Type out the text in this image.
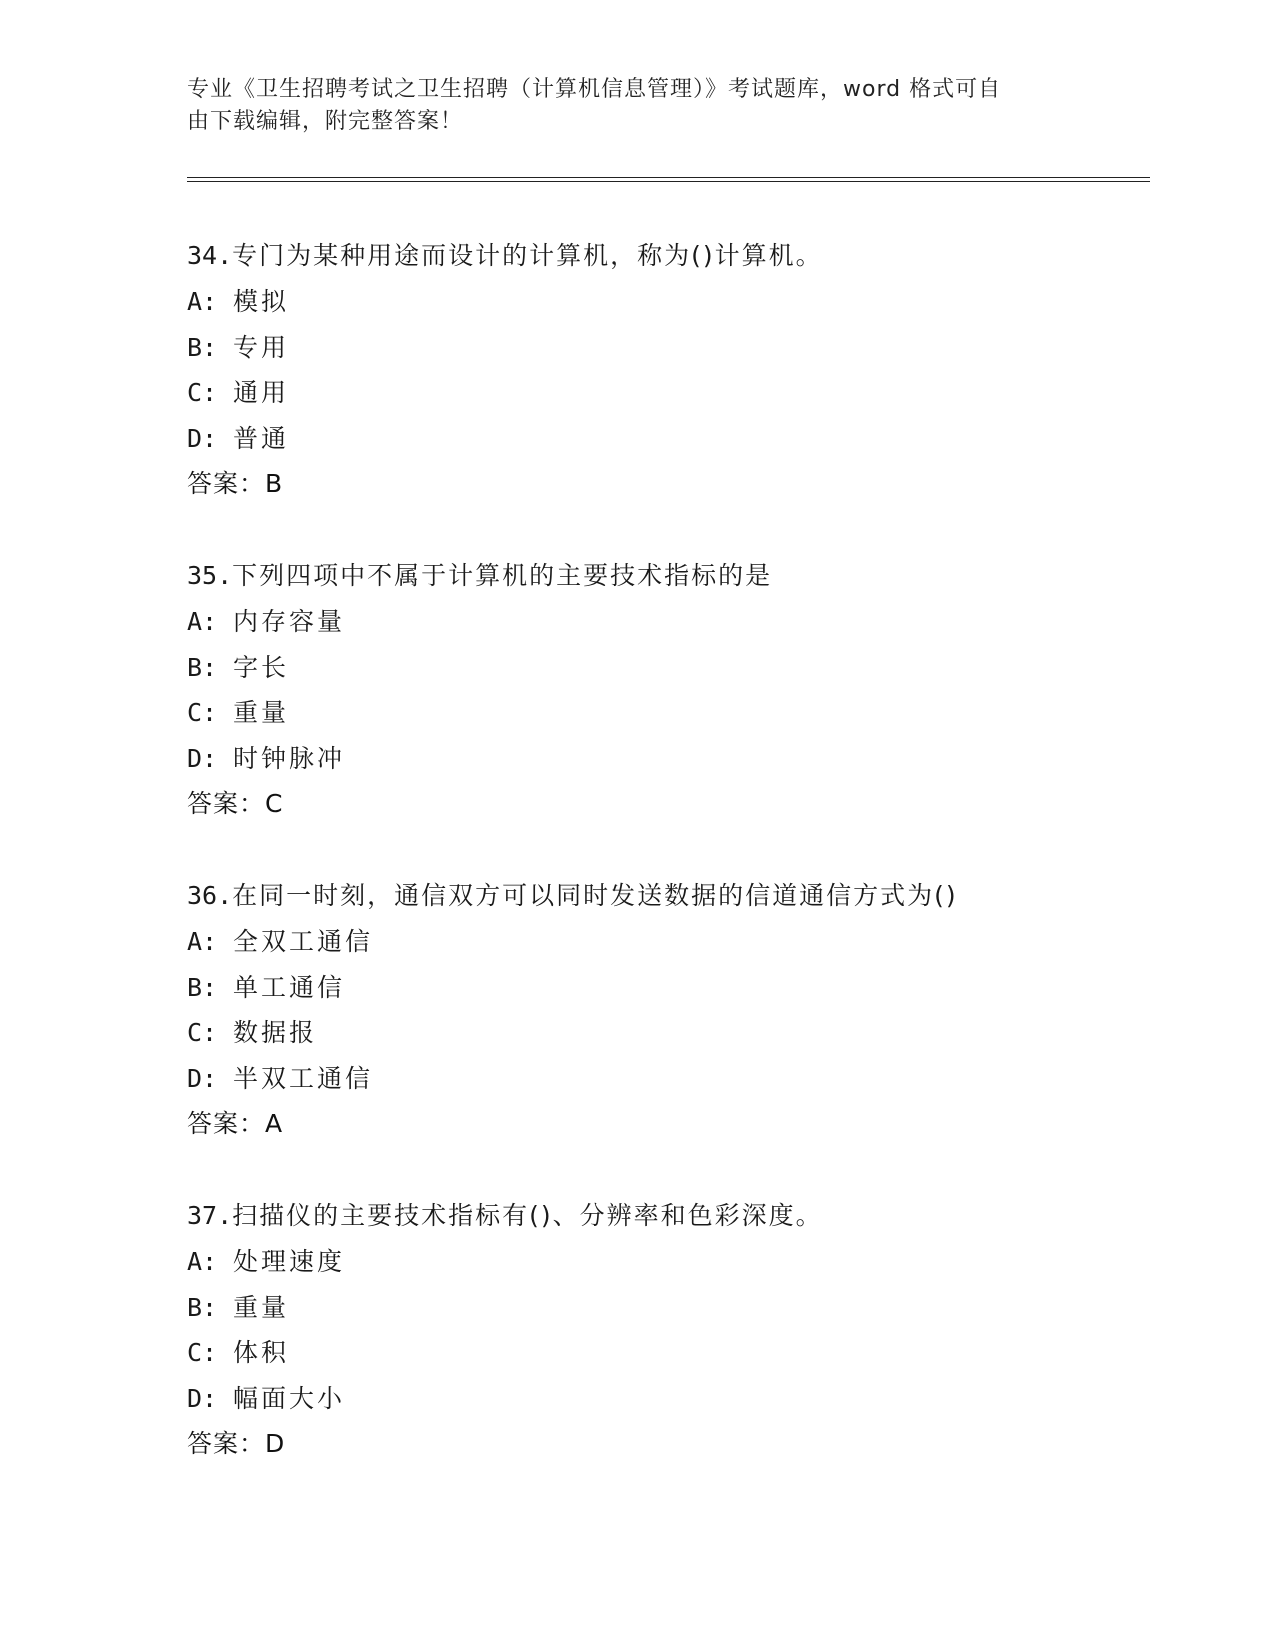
专业《卫生招聘考试之卫生招聘（计算机信息管理）》考试题库，word 格式可自
由下载编辑，附完整答案！
34.专门为某种用途而设计的计算机，称为()计算机。
A: 模拟
B: 专用
C: 通用
D: 普通
答案：B
35.下列四项中不属于计算机的主要技术指标的是
A: 内存容量
B: 字长
C: 重量
D: 时钟脉冲
答案：C
36.在同一时刻，通信双方可以同时发送数据的信道通信方式为()
A: 全双工通信
B: 单工通信
C: 数据报
D: 半双工通信
答案：A
37.扫描仪的主要技术指标有()、分辨率和色彩深度。
A: 处理速度
B: 重量
C: 体积
D: 幅面大小
答案：D
